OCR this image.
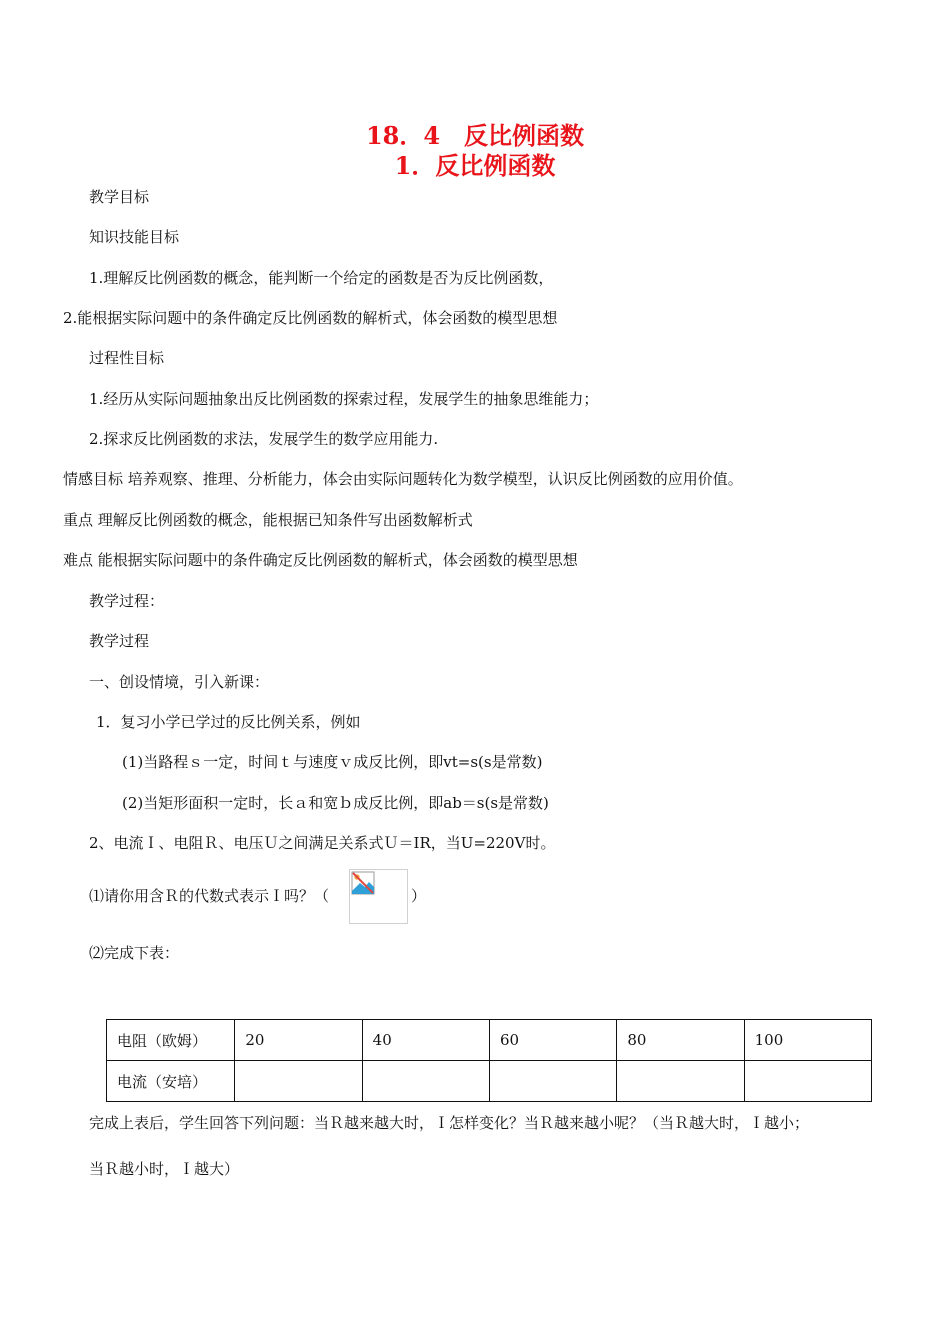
18．4　反比例函数
1．反比例函数

教学目标

知识技能目标

1.理解反比例函数的概念，能判断一个给定的函数是否为反比例函数，

2.能根据实际问题中的条件确定反比例函数的解析式，体会函数的模型思想

过程性目标

1.经历从实际问题抽象出反比例函数的探索过程，发展学生的抽象思维能力；

2.探求反比例函数的求法，发展学生的数学应用能力.

情感目标 培养观察、推理、分析能力，体会由实际问题转化为数学模型，认识反比例函数的应用价值。

重点 理解反比例函数的概念，能根据已知条件写出函数解析式

难点 能根据实际问题中的条件确定反比例函数的解析式，体会函数的模型思想

教学过程：

教学过程

一、创设情境，引入新课：

1．复习小学已学过的反比例关系，例如

(1)当路程ｓ一定，时间ｔ与速度ｖ成反比例，即vt=s(s是常数)

(2)当矩形面积一定时，长ａ和宽ｂ成反比例，即ab＝s(s是常数)

2、电流Ｉ、电阻Ｒ、电压Ｕ之间满足关系式Ｕ＝IR，当U=220V时。

⑴请你用含Ｒ的代数式表示Ｉ吗？（	）

⑵完成下表：

电阻（欧姆）	20	40	60	80	100
电流（安培）					

完成上表后，学生回答下列问题：当Ｒ越来越大时，Ｉ怎样变化？当Ｒ越来越小呢？（当Ｒ越大时，Ｉ越小；

当Ｒ越小时，Ｉ越大）
